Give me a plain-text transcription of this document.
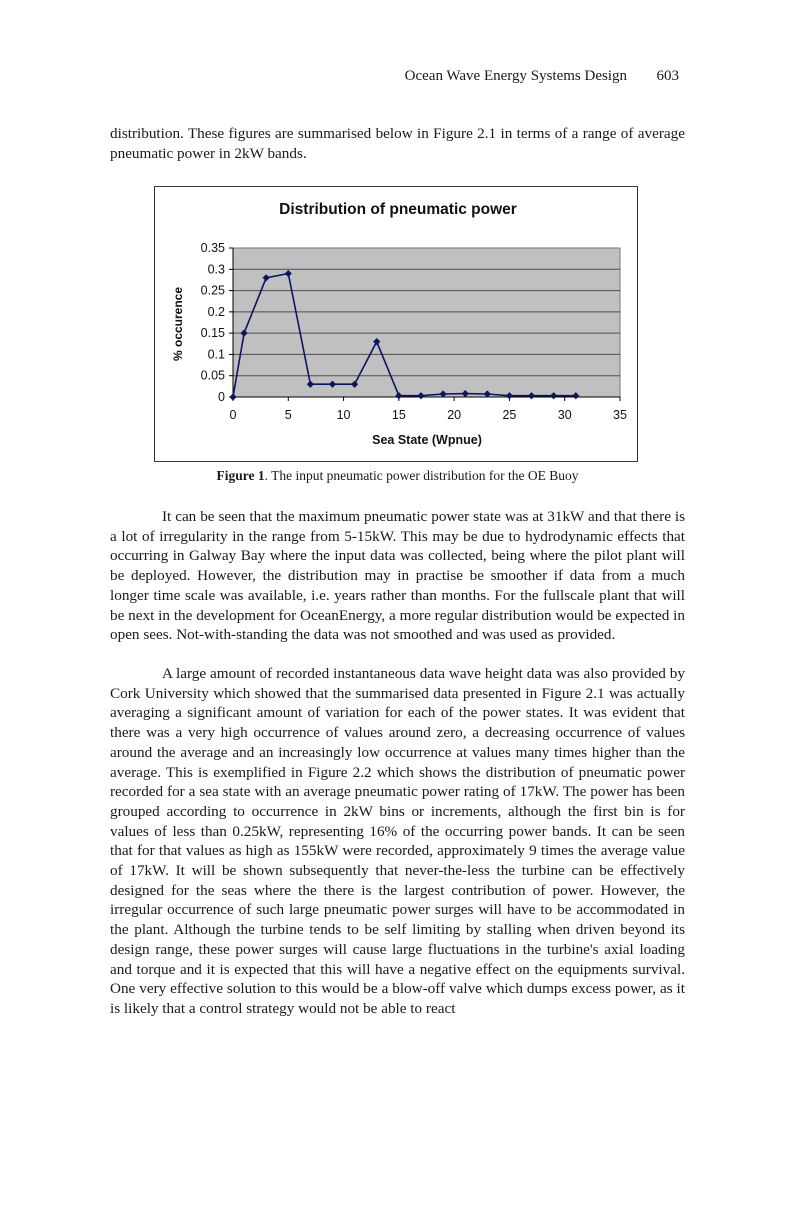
Ocean Wave Energy Systems Design 603

distribution. These figures are summarised below in Figure 2.1 in terms of a range of average pneumatic power in 2kW bands.

Distribution of pneumatic power
0
0.05
0.1
0.15
0.2
0.25
0.3
0.35
0	5	10	15	20	25	30	35
% occurence
Sea State (Wpnue)
Figure 1. The input pneumatic power distribution for the OE Buoy

It can be seen that the maximum pneumatic power state was at 31kW and that there is a lot of irregularity in the range from 5-15kW. This may be due to hydrodynamic effects that occurring in Galway Bay where the input data was collected, being where the pilot plant will be deployed. However, the distribution may in practise be smoother if data from a much longer time scale was available, i.e. years rather than months. For the fullscale plant that will be next in the development for OceanEnergy, a more regular distribution would be expected in open sees. Not-with-standing the data was not smoothed and was used as provided.

A large amount of recorded instantaneous data wave height data was also provided by Cork University which showed that the summarised data presented in Figure 2.1 was actually averaging a significant amount of variation for each of the power states. It was evident that there was a very high occurrence of values around zero, a decreasing occurrence of values around the average and an increasingly low occurrence at values many times higher than the average. This is exemplified in Figure 2.2 which shows the distribution of pneumatic power recorded for a sea state with an average pneumatic power rating of 17kW. The power has been grouped according to occurrence in 2kW bins or increments, although the first bin is for values of less than 0.25kW, representing 16% of the occurring power bands. It can be seen that for that values as high as 155kW were recorded, approximately 9 times the average value of 17kW. It will be shown subsequently that never-the-less the turbine can be effectively designed for the seas where the there is the largest contribution of power. However, the irregular occurrence of such large pneumatic power surges will have to be accommodated in the plant. Although the turbine tends to be self limiting by stalling when driven beyond its design range, these power surges will cause large fluctuations in the turbine's axial loading and torque and it is expected that this will have a negative effect on the equipments survival. One very effective solution to this would be a blow-off valve which dumps excess power, as it is likely that a control strategy would not be able to react
